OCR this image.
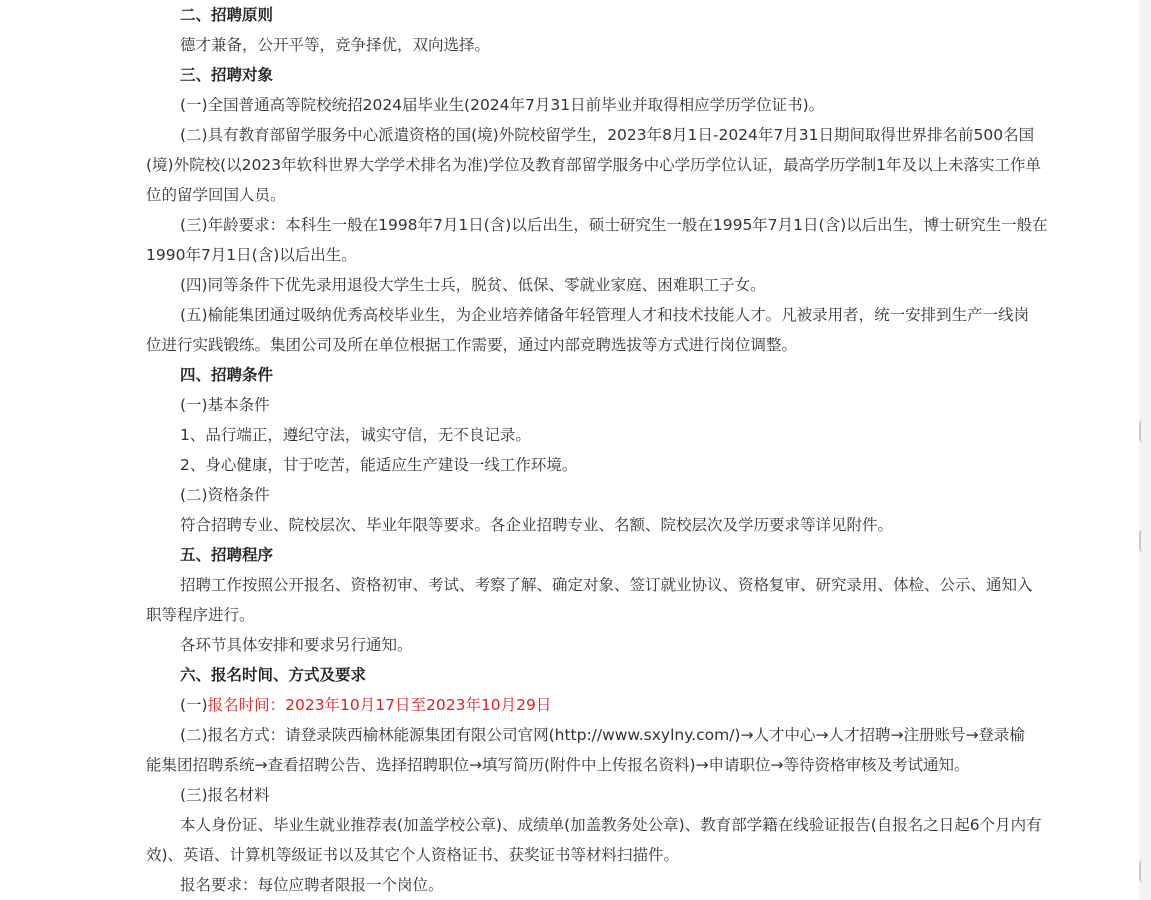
二、招聘原则
德才兼备，公开平等，竞争择优，双向选择。
三、招聘对象
(一)全国普通高等院校统招2024届毕业生(2024年7月31日前毕业并取得相应学历学位证书)。
(二)具有教育部留学服务中心派遣资格的国(境)外院校留学生，2023年8月1日-2024年7月31日期间取得世界排名前500名国
(境)外院校(以2023年软科世界大学学术排名为准)学位及教育部留学服务中心学历学位认证，最高学历学制1年及以上未落实工作单
位的留学回国人员。
(三)年龄要求：本科生一般在1998年7月1日(含)以后出生，硕士研究生一般在1995年7月1日(含)以后出生，博士研究生一般在
1990年7月1日(含)以后出生。
(四)同等条件下优先录用退役大学生士兵，脱贫、低保、零就业家庭、困难职工子女。
(五)榆能集团通过吸纳优秀高校毕业生，为企业培养储备年轻管理人才和技术技能人才。凡被录用者，统一安排到生产一线岗
位进行实践锻练。集团公司及所在单位根据工作需要，通过内部竞聘选拔等方式进行岗位调整。
四、招聘条件
(一)基本条件
1、品行端正，遵纪守法，诚实守信，无不良记录。
2、身心健康，甘于吃苦，能适应生产建设一线工作环境。
(二)资格条件
符合招聘专业、院校层次、毕业年限等要求。各企业招聘专业、名额、院校层次及学历要求等详见附件。
五、招聘程序
招聘工作按照公开报名、资格初审、考试、考察了解、确定对象、签订就业协议、资格复审、研究录用、体检、公示、通知入
职等程序进行。
各环节具体安排和要求另行通知。
六、报名时间、方式及要求
(一)报名时间：2023年10月17日至2023年10月29日
(二)报名方式：请登录陕西榆林能源集团有限公司官网(http://www.sxylny.com/)→人才中心→人才招聘→注册账号→登录榆
能集团招聘系统→查看招聘公告、选择招聘职位→填写简历(附件中上传报名资料)→申请职位→等待资格审核及考试通知。
(三)报名材料
本人身份证、毕业生就业推荐表(加盖学校公章)、成绩单(加盖教务处公章)、教育部学籍在线验证报告(自报名之日起6个月内有
效)、英语、计算机等级证书以及其它个人资格证书、获奖证书等材料扫描件。
报名要求：每位应聘者限报一个岗位。
